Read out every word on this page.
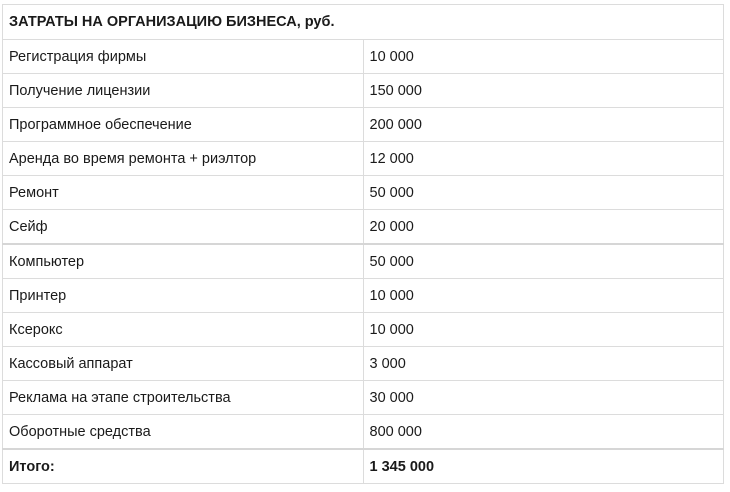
ЗАТРАТЫ НА ОРГАНИЗАЦИЮ БИЗНЕСА, руб.	
Регистрация фирмы	10 000
Получение лицензии	150 000
Программное обеспечение	200 000
Аренда во время ремонта + риэлтор	12 000
Ремонт	50 000
Сейф	20 000
Компьютер	50 000
Принтер	10 000
Ксерокс	10 000
Кассовый аппарат	3 000
Реклама на этапе строительства	30 000
Оборотные средства	800 000
Итого:	1 345 000
